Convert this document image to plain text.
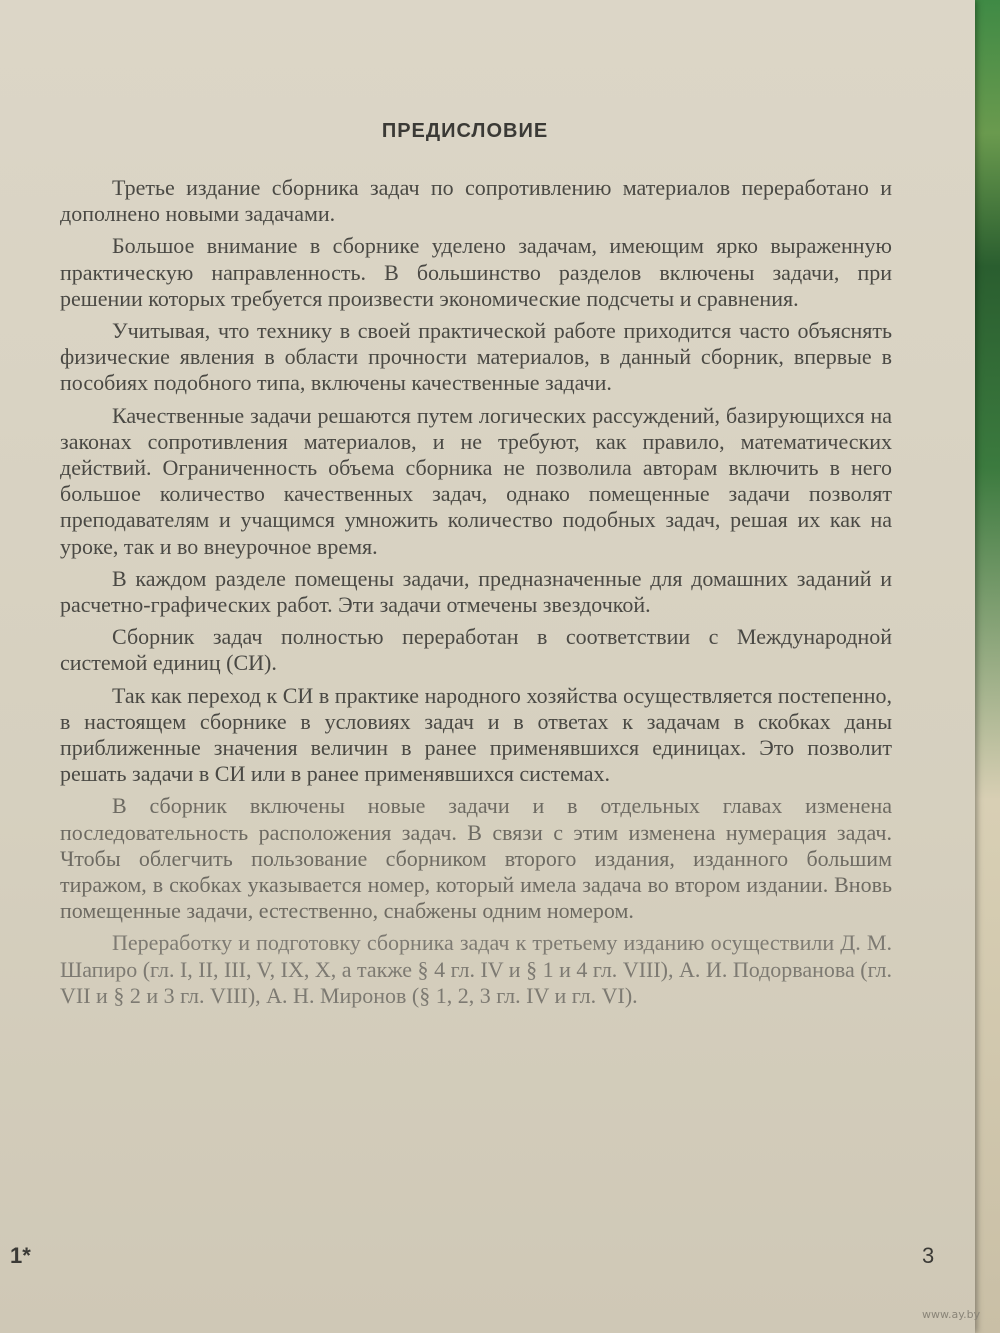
ПРЕДИСЛОВИЕ

Третье издание сборника задач по сопротивлению материалов переработано и дополнено новыми задачами.

Большое внимание в сборнике уделено задачам, имеющим ярко выраженную практическую направленность. В большинство разделов включены задачи, при решении которых требуется произвести экономические подсчеты и сравнения.

Учитывая, что технику в своей практической работе приходится часто объяснять физические явления в области прочности материалов, в данный сборник, впервые в пособиях подобного типа, включены качественные задачи.

Качественные задачи решаются путем логических рассуждений, базирующихся на законах сопротивления материалов, и не требуют, как правило, математических действий. Ограниченность объема сборника не позволила авторам включить в него большое количество качественных задач, однако помещенные задачи позволят преподавателям и учащимся умножить количество подобных задач, решая их как на уроке, так и во внеурочное время.

В каждом разделе помещены задачи, предназначенные для домашних заданий и расчетно-графических работ. Эти задачи отмечены звездочкой.

Сборник задач полностью переработан в соответствии с Международной системой единиц (СИ).

Так как переход к СИ в практике народного хозяйства осуществляется постепенно, в настоящем сборнике в условиях задач и в ответах к задачам в скобках даны приближенные значения величин в ранее применявшихся единицах. Это позволит решать задачи в СИ или в ранее применявшихся системах.

В сборник включены новые задачи и в отдельных главах изменена последовательность расположения задач. В связи с этим изменена нумерация задач. Чтобы облегчить пользование сборником второго издания, изданного большим тиражом, в скобках указывается номер, который имела задача во втором издании. Вновь помещенные задачи, естественно, снабжены одним номером.

Переработку и подготовку сборника задач к третьему изданию осуществили Д. М. Шапиро (гл. I, II, III, V, IX, X, а также § 4 гл. IV и § 1 и 4 гл. VIII), А. И. Подорванова (гл. VII и § 2 и 3 гл. VIII), А. Н. Миронов (§ 1, 2, 3 гл. IV и гл. VI).

1*	3
www.ay.by
